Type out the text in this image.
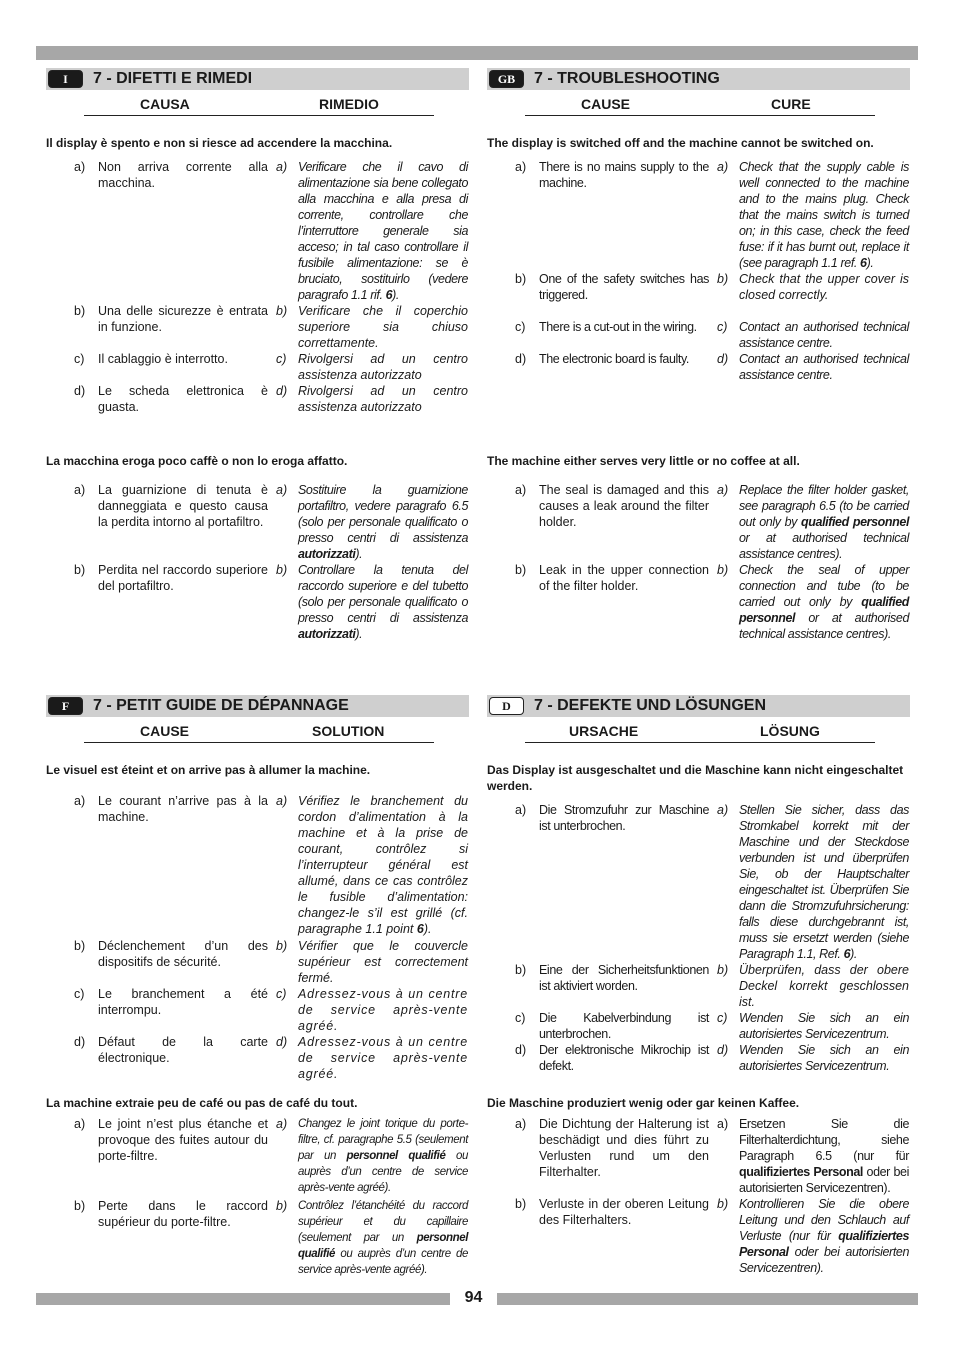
I	7 - DIFETTI E RIMEDI
CAUSA	RIMEDIO
Il display è spento e non si riesce ad accendere la macchina.
a) Non arriva corrente alla macchina.
a) Verificare che il cavo di alimentazione sia bene collegato alla macchina e alla presa di corrente, controllare che l’interruttore generale sia acceso; in tal caso controllare il fusibile alimentazione: se è bruciato, sostituirlo (vedere paragrafo 1.1 rif. 6).
b) Una delle sicurezze è entrata in funzione.
b) Verificare che il coperchio superiore sia chiuso correttamente.
c) Il cablaggio è interrotto.	c) Rivolgersi ad un centro assistenza autorizzato
d) Le scheda elettronica è guasta.
d) Rivolgersi ad un centro assistenza autorizzato
La macchina eroga poco caffè o non lo eroga affatto.
a) La guarnizione di tenuta è danneggiata e questo causa la perdita intorno al portafiltro.
a) Sostituire la guarnizione portafiltro, vedere paragrafo 6.5 (solo per personale qualificato o presso centri di assistenza autorizzati).
b) Perdita nel raccordo superiore del portafiltro.
b) Controllare la tenuta del raccordo superiore e del tubetto (solo per personale qualificato o presso centri di assistenza autorizzati).
GB	7 - TROUBLESHOOTING
CAUSE	CURE
The display is switched off and the machine cannot be switched on.
a) There is no mains supply to the machine.
a) Check that the supply cable is well connected to the machine and to the mains plug. Check that the mains switch is turned on; in this case, check the feed fuse: if it has burnt out, replace it (see paragraph 1.1 ref. 6).
b) One of the safety switches has triggered.
b) Check that the upper cover is closed correctly.
c) There is a cut-out in the wiring.	c) Contact an authorised technical assistance centre.
d) The electronic board is faulty.	d) Contact an authorised technical assistance centre.
The machine either serves very little or no coffee at all.
a) The seal is damaged and this causes a leak around the filter holder.
a) Replace the filter holder gasket, see paragraph 6.5 (to be carried out only by qualified personnel or at authorised technical assistance centres).
b) Leak in the upper connection of the filter holder.
b) Check the seal of upper connection and tube (to be carried out only by qualified personnel or at authorised technical assistance centres).
F	7 - PETIT GUIDE DE DÉPANNAGE
CAUSE	SOLUTION
Le visuel est éteint et on arrive pas à allumer la machine.
a) Le courant n’arrive pas à la machine.
a) Vérifiez le branchement du cordon d’alimentation à la machine et à la prise de courant, contrôlez si l’interrupteur général est allumé, dans ce cas contrôlez le fusible d’alimentation: changez-le s’il est grillé (cf. paragraphe 1.1 point 6).
b) Déclenchement d’un des dispositifs de sécurité.
b) Vérifier que le couvercle supérieur est correctement fermé.
c) Le branchement a été interrompu.
c) Adressez-vous à un centre de service après-vente agréé.
d) Défaut de la carte électronique.
d) Adressez-vous à un centre de service après-vente agréé.
La machine extraie peu de café ou pas de café du tout.
a) Le joint n’est plus étanche et provoque des fuites autour du porte-filtre.
a) Changez le joint torique du porte-filtre, cf. paragraphe 5.5 (seulement par un personnel qualifié ou auprès d’un centre de service après-vente agréé).
b) Perte dans le raccord supérieur du porte-filtre.
b) Contrôlez l’étanchéité du raccord supérieur et du capillaire (seulement par un personnel qualifié ou auprès d’un centre de service après-vente agréé).
D	7 - DEFEKTE UND LÖSUNGEN
URSACHE	LÖSUNG
Das Display ist ausgeschaltet und die Maschine kann nicht eingeschaltet werden.
a) Die Stromzufuhr zur Maschine ist unterbrochen.
a) Stellen Sie sicher, dass das Stromkabel korrekt mit der Maschine und der Steckdose verbunden ist und überprüfen Sie, ob der Hauptschalter eingeschaltet ist. Überprüfen Sie dann die Stromzufuhrsicherung: falls diese durchgebrannt ist, muss sie ersetzt werden (siehe Paragraph 1.1, Ref. 6).
b) Eine der Sicherheitsfunktionen ist aktiviert worden.
b) Überprüfen, dass der obere Deckel korrekt geschlossen ist.
c) Die Kabelverbindung ist unterbrochen.
c) Wenden Sie sich an ein autorisiertes Servicezentrum.
d) Der elektronische Mikrochip ist defekt.
d) Wenden Sie sich an ein autorisiertes Servicezentrum.
Die Maschine produziert wenig oder gar keinen Kaffee.
a) Die Dichtung der Halterung ist beschädigt und dies führt zu Verlusten rund um den Filterhalter.
a) Ersetzen Sie die Filterhalterdichtung, siehe Paragraph 6.5 (nur für qualifiziertes Personal oder bei autorisierten Servicezentren).
b) Verluste in der oberen Leitung des Filterhalters.
b) Kontrollieren Sie die obere Leitung und den Schlauch auf Verluste (nur für qualifiziertes Personal oder bei autorisierten Servicezentren).
94
